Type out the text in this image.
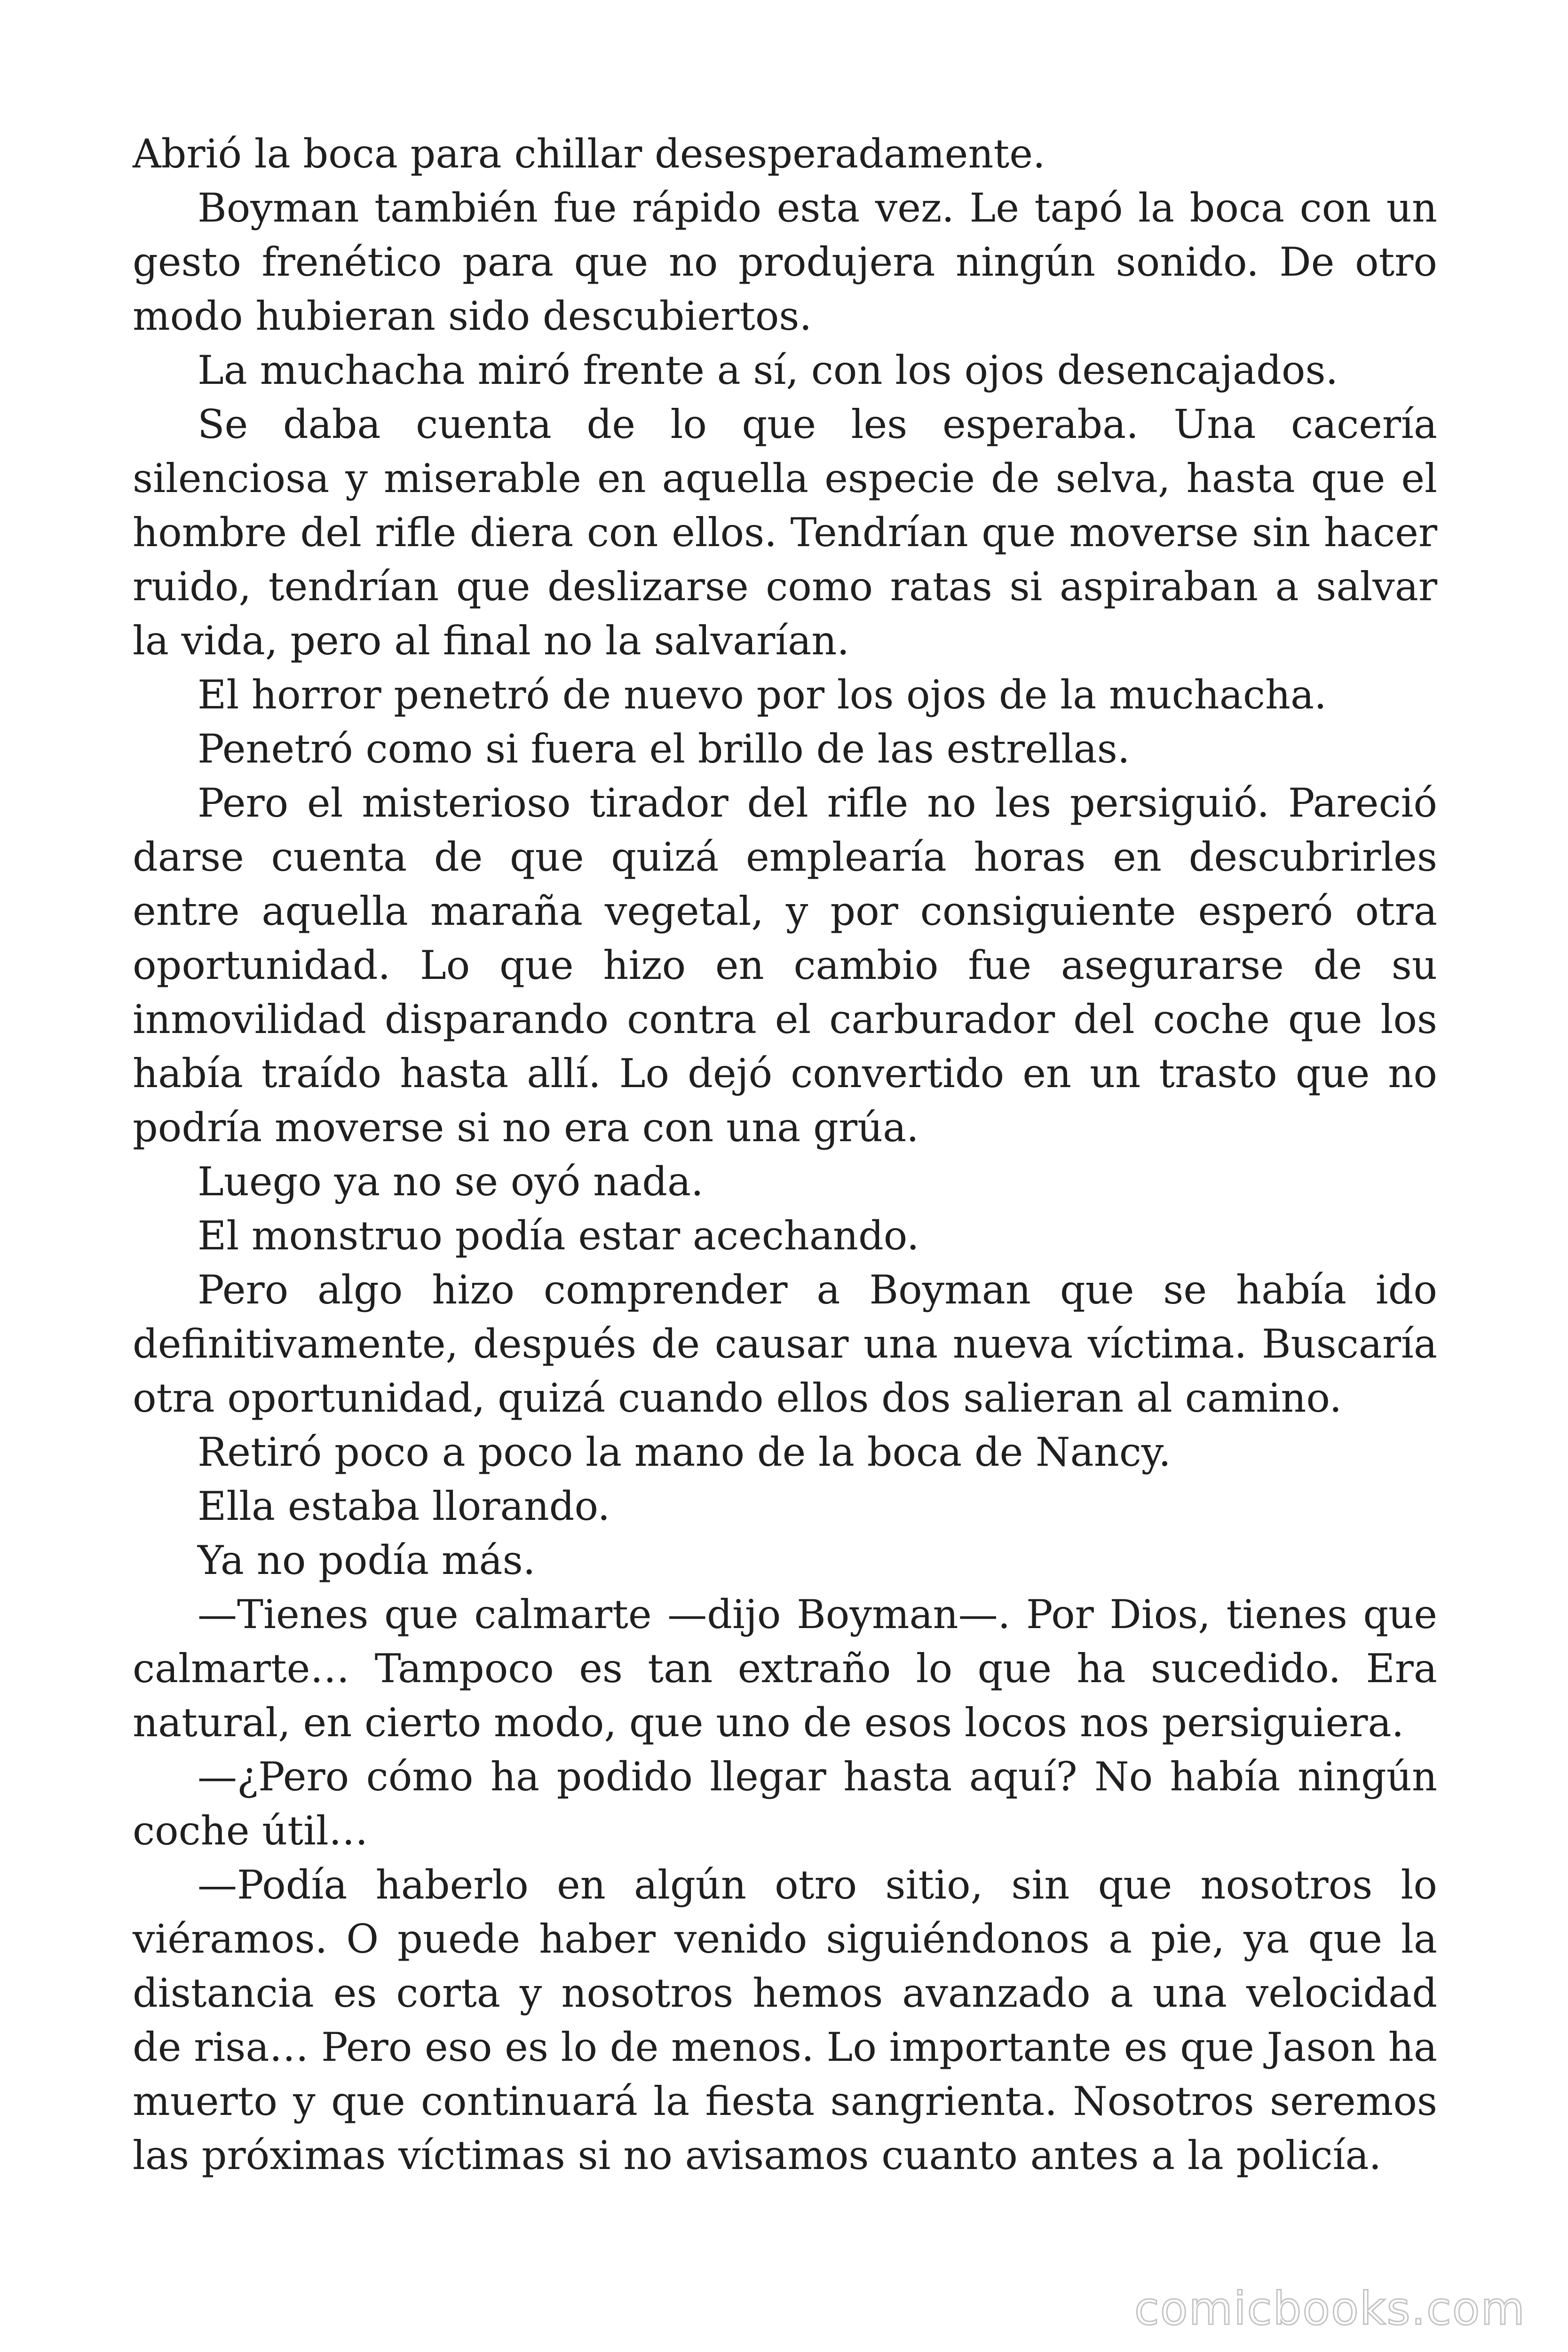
Abrió la boca para chillar desesperadamente.

Boyman también fue rápido esta vez. Le tapó la boca con un gesto frenético para que no produjera ningún sonido. De otro modo hubieran sido descubiertos.

La muchacha miró frente a sí, con los ojos desencajados.

Se daba cuenta de lo que les esperaba. Una cacería silenciosa y miserable en aquella especie de selva, hasta que el hombre del rifle diera con ellos. Tendrían que moverse sin hacer ruido, tendrían que deslizarse como ratas si aspiraban a salvar la vida, pero al final no la salvarían.

El horror penetró de nuevo por los ojos de la muchacha.

Penetró como si fuera el brillo de las estrellas.

Pero el misterioso tirador del rifle no les persiguió. Pareció darse cuenta de que quizá emplearía horas en descubrirles entre aquella maraña vegetal, y por consiguiente esperó otra oportunidad. Lo que hizo en cambio fue asegurarse de su inmovilidad disparando contra el carburador del coche que los había traído hasta allí. Lo dejó convertido en un trasto que no podría moverse si no era con una grúa.

Luego ya no se oyó nada.

El monstruo podía estar acechando.

Pero algo hizo comprender a Boyman que se había ido definitivamente, después de causar una nueva víctima. Buscaría otra oportunidad, quizá cuando ellos dos salieran al camino.

Retiró poco a poco la mano de la boca de Nancy.

Ella estaba llorando.

Ya no podía más.

—Tienes que calmarte —dijo Boyman—. Por Dios, tienes que calmarte… Tampoco es tan extraño lo que ha sucedido. Era natural, en cierto modo, que uno de esos locos nos persiguiera.

—¿Pero cómo ha podido llegar hasta aquí? No había ningún coche útil…

—Podía haberlo en algún otro sitio, sin que nosotros lo viéramos. O puede haber venido siguiéndonos a pie, ya que la distancia es corta y nosotros hemos avanzado a una velocidad de risa… Pero eso es lo de menos. Lo importante es que Jason ha muerto y que continuará la fiesta sangrienta. Nosotros seremos las próximas víctimas si no avisamos cuanto antes a la policía.

comicbooks.com
